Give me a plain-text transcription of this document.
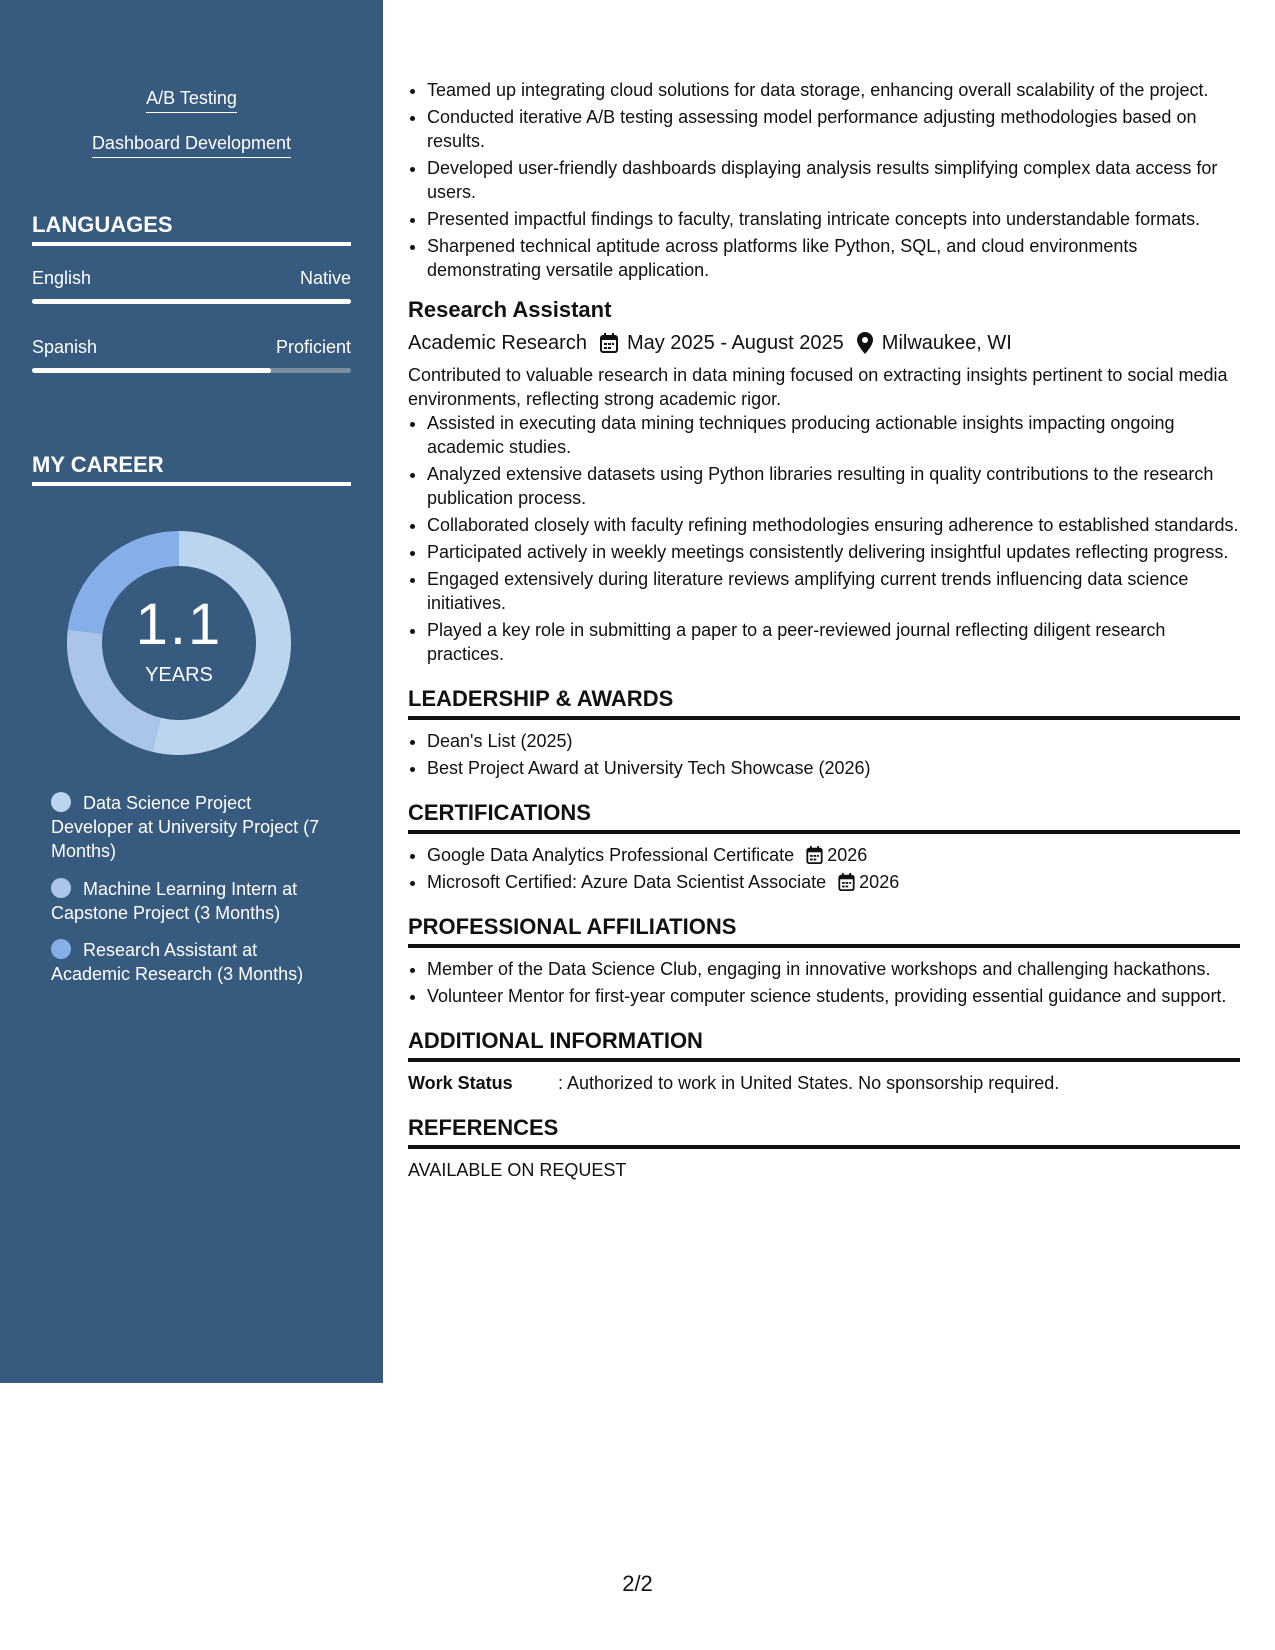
A/B Testing
Dashboard Development
LANGUAGES
English	Native
Spanish	Proficient
MY CAREER
1.1
YEARS
Data Science Project Developer at University Project (7 Months)
Machine Learning Intern at Capstone Project (3 Months)
Research Assistant at Academic Research (3 Months)
• Teamed up integrating cloud solutions for data storage, enhancing overall scalability of the project.
• Conducted iterative A/B testing assessing model performance adjusting methodologies based on results.
• Developed user-friendly dashboards displaying analysis results simplifying complex data access for users.
• Presented impactful findings to faculty, translating intricate concepts into understandable formats.
• Sharpened technical aptitude across platforms like Python, SQL, and cloud environments demonstrating versatile application.
Research Assistant
Academic Research May 2025 - August 2025 Milwaukee, WI
Contributed to valuable research in data mining focused on extracting insights pertinent to social media environments, reflecting strong academic rigor.
• Assisted in executing data mining techniques producing actionable insights impacting ongoing academic studies.
• Analyzed extensive datasets using Python libraries resulting in quality contributions to the research publication process.
• Collaborated closely with faculty refining methodologies ensuring adherence to established standards.
• Participated actively in weekly meetings consistently delivering insightful updates reflecting progress.
• Engaged extensively during literature reviews amplifying current trends influencing data science initiatives.
• Played a key role in submitting a paper to a peer-reviewed journal reflecting diligent research practices.
LEADERSHIP & AWARDS
• Dean's List (2025)
• Best Project Award at University Tech Showcase (2026)
CERTIFICATIONS
• Google Data Analytics Professional Certificate 2026
• Microsoft Certified: Azure Data Scientist Associate 2026
PROFESSIONAL AFFILIATIONS
• Member of the Data Science Club, engaging in innovative workshops and challenging hackathons.
• Volunteer Mentor for first-year computer science students, providing essential guidance and support.
ADDITIONAL INFORMATION
Work Status	: Authorized to work in United States. No sponsorship required.
REFERENCES
AVAILABLE ON REQUEST
2/2
